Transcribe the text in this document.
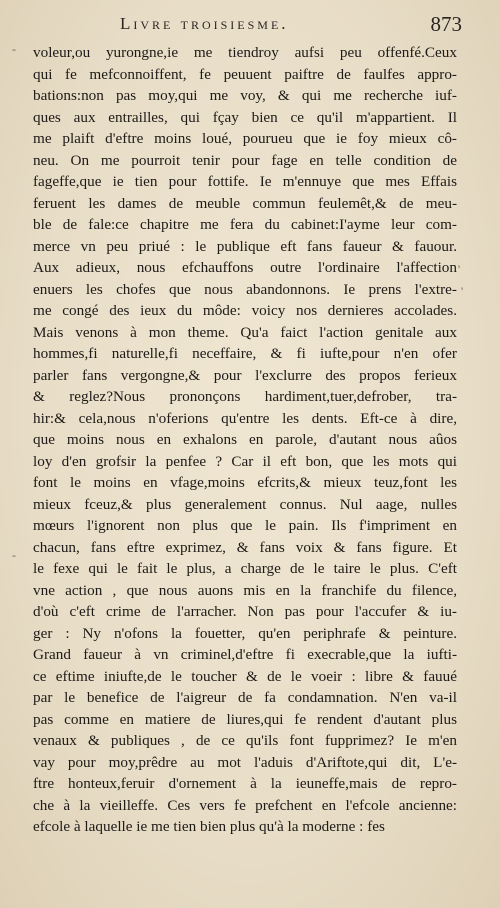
Livre troisiesme.	873
-
'
'
-
voleur,ou yurongne,ie me tiendroy aufsi peu offenfé.Ceux
qui fe mefconnoiffent, fe peuuent paiftre de faulfes appro-
bations:non pas moy,qui me voy, & qui me recherche iuf-
ques aux entrailles, qui fçay bien ce qu'il m'appartient. Il
me plaift d'eftre moins loué, pourueu que ie foy mieux cô-
neu. On me pourroit tenir pour fage en telle condition de
fageffe,que ie tien pour fottife. Ie m'ennuye que mes Effais
feruent les dames de meuble commun feulemêt,& de meu-
ble de fale:ce chapitre me fera du cabinet:I'ayme leur com-
merce vn peu priué : le publique eft fans faueur & fauour.
Aux adieux, nous efchauffons outre l'ordinaire l'affection
enuers les chofes que nous abandonnons. Ie prens l'extre-
me congé des ieux du môde: voicy nos dernieres accolades.
Mais venons à mon theme. Qu'a faict l'action genitale aux
hommes,fi naturelle,fi neceffaire, & fi iufte,pour n'en ofer
parler fans vergongne,& pour l'exclurre des propos ferieux
& reglez?Nous prononçons hardiment,tuer,defrober, tra-
hir:& cela,nous n'oferions qu'entre les dents. Eft-ce à dire,
que moins nous en exhalons en parole, d'autant nous aûos
loy d'en grofsir la penfee ? Car il eft bon, que les mots qui
font le moins en vfage,moins efcrits,& mieux teuz,font les
mieux fceuz,& plus generalement connus. Nul aage, nulles
mœurs l'ignorent non plus que le pain. Ils f'impriment en
chacun, fans eftre exprimez, & fans voix & fans figure. Et
le fexe qui le fait le plus, a charge de le taire le plus. C'eft
vne action , que nous auons mis en la franchife du filence,
d'où c'eft crime de l'arracher. Non pas pour l'accufer & iu-
ger : Ny n'ofons la fouetter, qu'en periphrafe & peinture.
Grand faueur à vn criminel,d'eftre fi execrable,que la iufti-
ce eftime iniufte,de le toucher & de le voeir : libre & fauué
par le benefice de l'aigreur de fa condamnation. N'en va-il
pas comme en matiere de liures,qui fe rendent d'autant plus
venaux & publiques , de ce qu'ils font fupprimez? Ie m'en
vay pour moy,prêdre au mot l'aduis d'Ariftote,qui dit, L'e-
ftre honteux,feruir d'ornement à la ieuneffe,mais de repro-
che à la vieilleffe. Ces vers fe prefchent en l'efcole ancienne:
efcole à laquelle ie me tien bien plus qu'à la moderne : fes
